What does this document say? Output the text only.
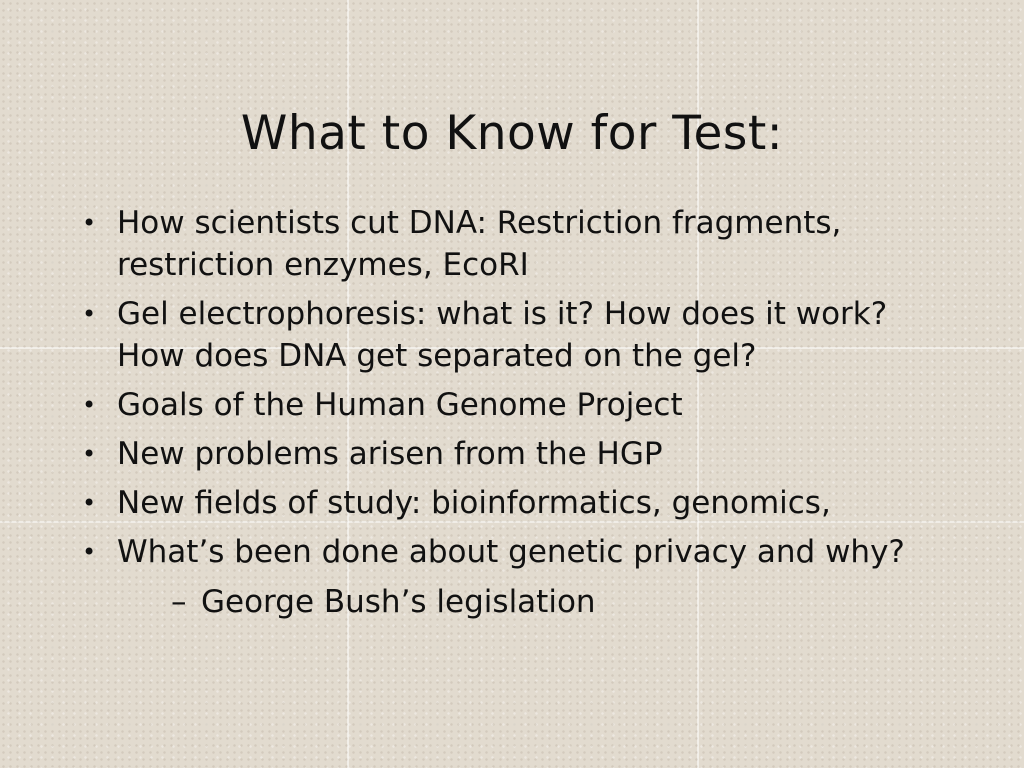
What to Know for Test:
• How scientists cut DNA: Restriction fragments, restriction enzymes, EcoRI
• Gel electrophoresis: what is it? How does it work? How does DNA get separated on the gel?
• Goals of the Human Genome Project
• New problems arisen from the HGP
• New fields of study: bioinformatics, genomics,
• What’s been done about genetic privacy and why?
– George Bush’s legislation
